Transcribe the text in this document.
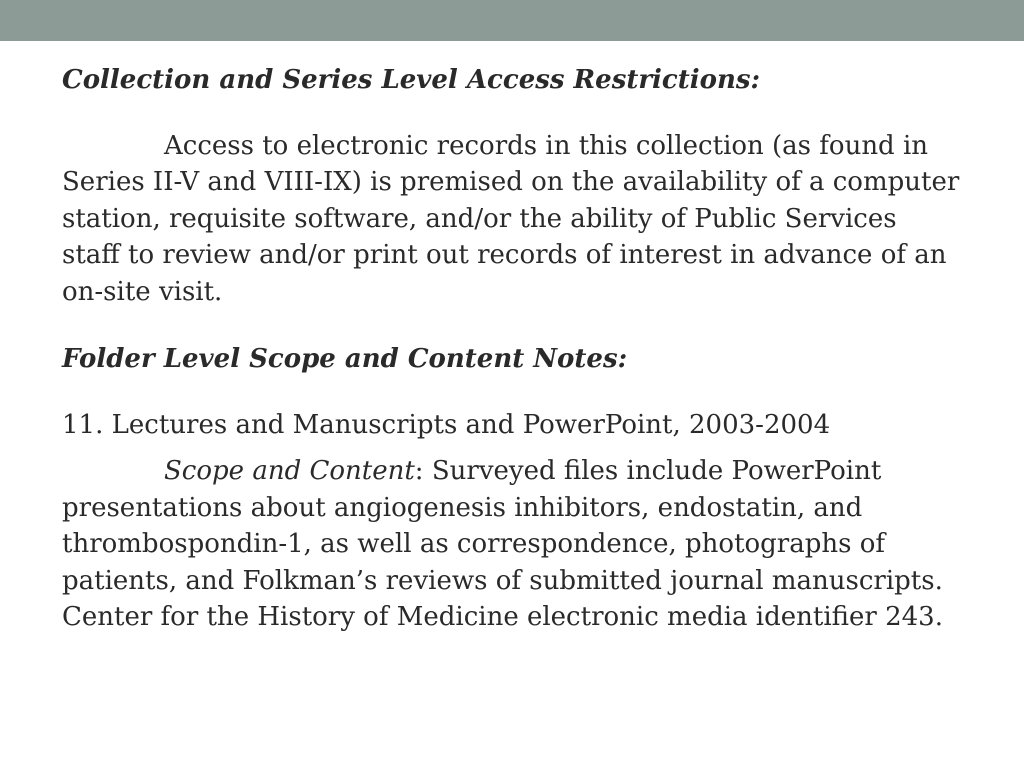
Collection and Series Level Access Restrictions:

Access to electronic records in this collection (as found in Series II-V and VIII-IX) is premised on the availability of a computer station, requisite software, and/or the ability of Public Services staff to review and/or print out records of interest in advance of an on-site visit.

Folder Level Scope and Content Notes:

11. Lectures and Manuscripts and PowerPoint, 2003-2004

Scope and Content: Surveyed files include PowerPoint presentations about angiogenesis inhibitors, endostatin, and thrombospondin-1, as well as correspondence, photographs of patients, and Folkman’s reviews of submitted journal manuscripts. Center for the History of Medicine electronic media identifier 243.
